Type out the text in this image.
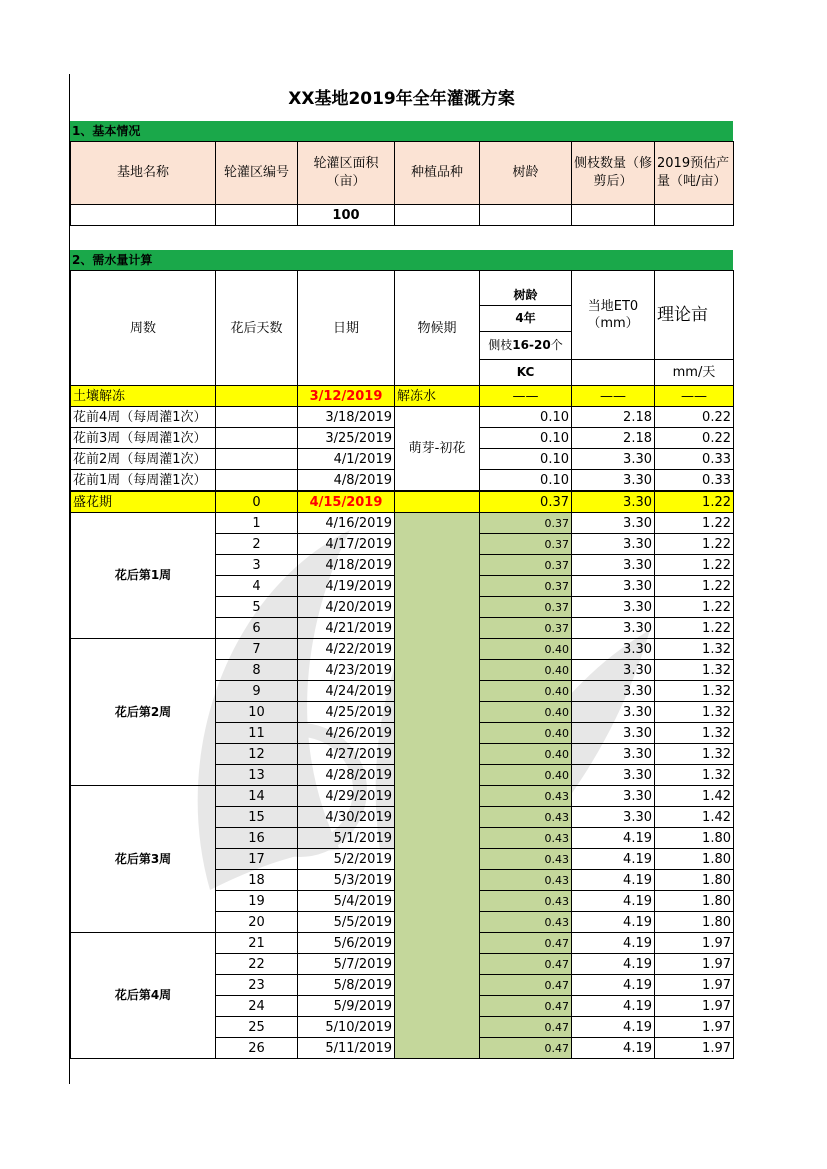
XX基地2019年全年灌溉方案
1、基本情况
基地名称	轮灌区编号	轮灌区面积（亩）	种植品种	树龄	侧枝数量（修剪后）	2019预估产量（吨/亩）
		100				
2、需水量计算
周数	花后天数	日期	物候期	树龄	当地ET0（mm）	理论亩
				4年		
				侧枝16-20个		
				KC		mm/天
土壤解冻		3/12/2019	解冻水	——	——	——
花前4周（每周灌1次）		3/18/2019	萌芽-初花	0.10	2.18	0.22
花前3周（每周灌1次）		3/25/2019		0.10	2.18	0.22
花前2周（每周灌1次）		4/1/2019		0.10	3.30	0.33
花前1周（每周灌1次）		4/8/2019		0.10	3.30	0.33
盛花期	0	4/15/2019		0.37	3.30	1.22
花后第1周	1	4/16/2019		0.37	3.30	1.22
	2	4/17/2019		0.37	3.30	1.22
	3	4/18/2019		0.37	3.30	1.22
	4	4/19/2019		0.37	3.30	1.22
	5	4/20/2019		0.37	3.30	1.22
	6	4/21/2019		0.37	3.30	1.22
花后第2周	7	4/22/2019		0.40	3.30	1.32
	8	4/23/2019		0.40	3.30	1.32
	9	4/24/2019		0.40	3.30	1.32
	10	4/25/2019		0.40	3.30	1.32
	11	4/26/2019		0.40	3.30	1.32
	12	4/27/2019		0.40	3.30	1.32
	13	4/28/2019		0.40	3.30	1.32
花后第3周	14	4/29/2019		0.43	3.30	1.42
	15	4/30/2019		0.43	3.30	1.42
	16	5/1/2019		0.43	4.19	1.80
	17	5/2/2019		0.43	4.19	1.80
	18	5/3/2019		0.43	4.19	1.80
	19	5/4/2019		0.43	4.19	1.80
	20	5/5/2019		0.43	4.19	1.80
花后第4周	21	5/6/2019		0.47	4.19	1.97
	22	5/7/2019		0.47	4.19	1.97
	23	5/8/2019		0.47	4.19	1.97
	24	5/9/2019		0.47	4.19	1.97
	25	5/10/2019		0.47	4.19	1.97
	26	5/11/2019		0.47	4.19	1.97
